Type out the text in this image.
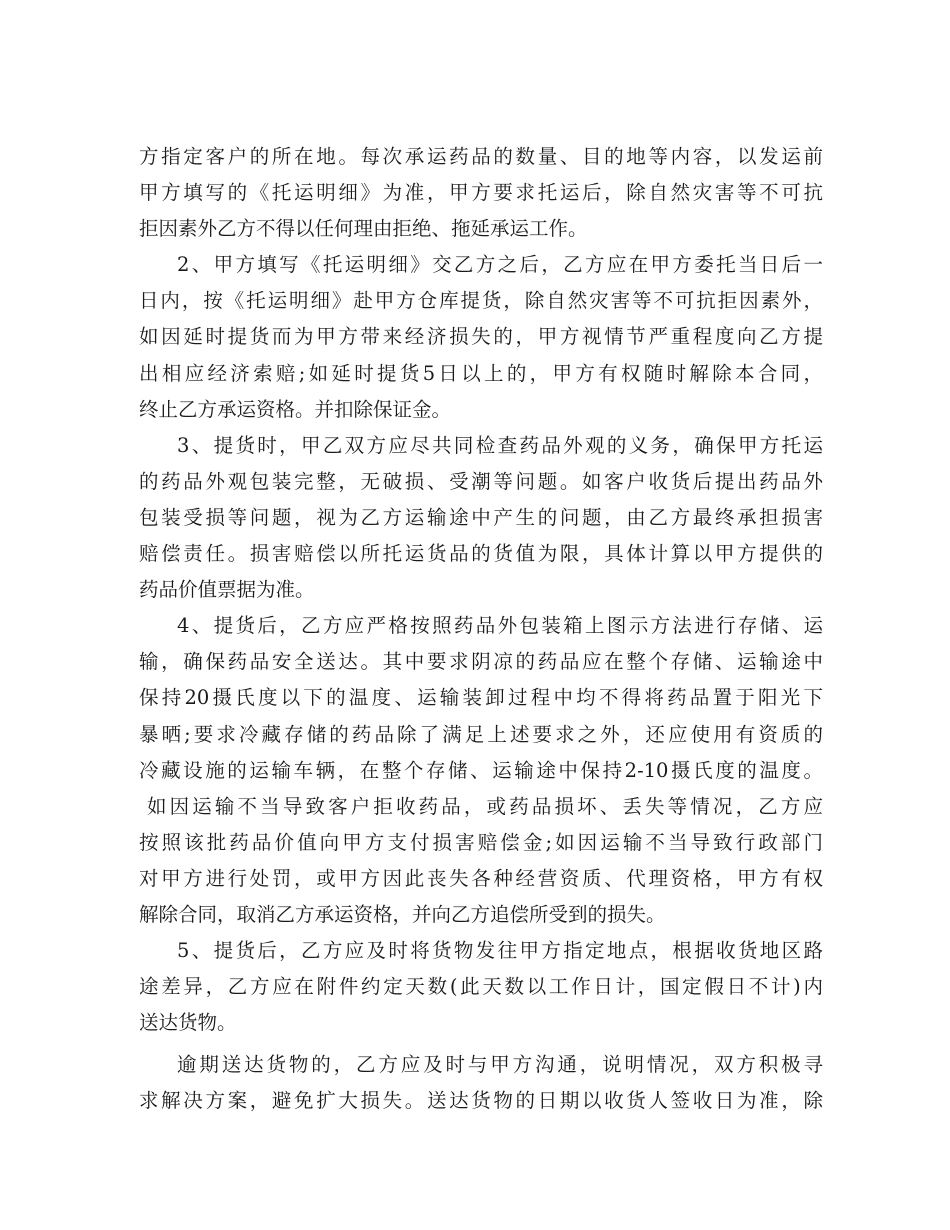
方指定客户的所在地。每次承运药品的数量、目的地等内容，以发运前
甲方填写的《托运明细》为准，甲方要求托运后，除自然灾害等不可抗
拒因素外乙方不得以任何理由拒绝、拖延承运工作。
2、甲方填写《托运明细》交乙方之后，乙方应在甲方委托当日后一
日内，按《托运明细》赴甲方仓库提货，除自然灾害等不可抗拒因素外，
如因延时提货而为甲方带来经济损失的，甲方视情节严重程度向乙方提
出相应经济索赔;如延时提货5日以上的，甲方有权随时解除本合同，
终止乙方承运资格。并扣除保证金。
3、提货时，甲乙双方应尽共同检查药品外观的义务，确保甲方托运
的药品外观包装完整，无破损、受潮等问题。如客户收货后提出药品外
包装受损等问题，视为乙方运输途中产生的问题，由乙方最终承担损害
赔偿责任。损害赔偿以所托运货品的货值为限，具体计算以甲方提供的
药品价值票据为准。
4、提货后，乙方应严格按照药品外包装箱上图示方法进行存储、运
输，确保药品安全送达。其中要求阴凉的药品应在整个存储、运输途中
保持20摄氏度以下的温度、运输装卸过程中均不得将药品置于阳光下
暴晒;要求冷藏存储的药品除了满足上述要求之外，还应使用有资质的
冷藏设施的运输车辆，在整个存储、运输途中保持2-10摄氏度的温度。
如因运输不当导致客户拒收药品，或药品损坏、丢失等情况，乙方应
按照该批药品价值向甲方支付损害赔偿金;如因运输不当导致行政部门
对甲方进行处罚，或甲方因此丧失各种经营资质、代理资格，甲方有权
解除合同，取消乙方承运资格，并向乙方追偿所受到的损失。
5、提货后，乙方应及时将货物发往甲方指定地点，根据收货地区路
途差异，乙方应在附件约定天数(此天数以工作日计，国定假日不计)内
送达货物。
逾期送达货物的，乙方应及时与甲方沟通，说明情况，双方积极寻
求解决方案，避免扩大损失。送达货物的日期以收货人签收日为准，除
